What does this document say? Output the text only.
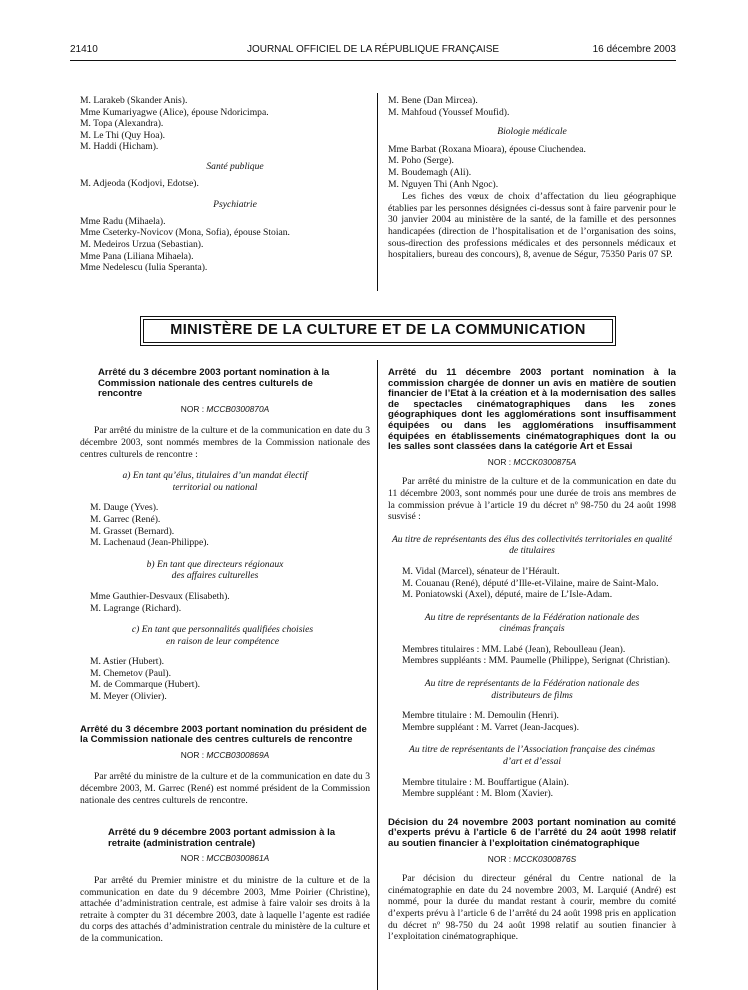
21410	JOURNAL OFFICIEL DE LA RÉPUBLIQUE FRANÇAISE	16 décembre 2003
M. Larakeb (Skander Anis).
Mme Kumariyagwe (Alice), épouse Ndoricimpa.
M. Topa (Alexandra).
M. Le Thi (Quy Hoa).
M. Haddi (Hicham).
Santé publique
M. Adjeoda (Kodjovi, Edotse).
Psychiatrie
Mme Radu (Mihaela).
Mme Cseterky-Novicov (Mona, Sofia), épouse Stoian.
M. Medeiros Urzua (Sebastian).
Mme Pana (Liliana Mihaela).
Mme Nedelescu (Iulia Speranta).
M. Bene (Dan Mircea).
M. Mahfoud (Youssef Moufid).
Biologie médicale
Mme Barbat (Roxana Mioara), épouse Ciuchendea.
M. Poho (Serge).
M. Boudemagh (Ali).
M. Nguyen Thi (Anh Ngoc).
Les fiches des vœux de choix d’affectation du lieu géographique établies par les personnes désignées ci-dessus sont à faire parvenir pour le 30 janvier 2004 au ministère de la santé, de la famille et des personnes handicapées (direction de l’hospitalisation et de l’organisation des soins, sous-direction des professions médicales et des personnels médicaux et hospitaliers, bureau des concours), 8, avenue de Ségur, 75350 Paris 07 SP.
MINISTÈRE DE LA CULTURE ET DE LA COMMUNICATION
Arrêté du 3 décembre 2003 portant nomination à la Commission nationale des centres culturels de rencontre
NOR : MCCB0300870A
Par arrêté du ministre de la culture et de la communication en date du 3 décembre 2003, sont nommés membres de la Commission nationale des centres culturels de rencontre :
a) En tant qu’élus, titulaires d’un mandat électif territorial ou national
M. Dauge (Yves).
M. Garrec (René).
M. Grasset (Bernard).
M. Lachenaud (Jean-Philippe).
b) En tant que directeurs régionaux des affaires culturelles
Mme Gauthier-Desvaux (Elisabeth).
M. Lagrange (Richard).
c) En tant que personnalités qualifiées choisies en raison de leur compétence
M. Astier (Hubert).
M. Chemetov (Paul).
M. de Commarque (Hubert).
M. Meyer (Olivier).
Arrêté du 3 décembre 2003 portant nomination du président de la Commission nationale des centres culturels de rencontre
NOR : MCCB0300869A
Par arrêté du ministre de la culture et de la communication en date du 3 décembre 2003, M. Garrec (René) est nommé président de la Commission nationale des centres culturels de rencontre.
Arrêté du 9 décembre 2003 portant admission à la retraite (administration centrale)
NOR : MCCB0300861A
Par arrêté du Premier ministre et du ministre de la culture et de la communication en date du 9 décembre 2003, Mme Poirier (Christine), attachée d’administration centrale, est admise à faire valoir ses droits à la retraite à compter du 31 décembre 2003, date à laquelle l’agente est radiée du corps des attachés d’administration centrale du ministère de la culture et de la communication.
Arrêté du 11 décembre 2003 portant nomination à la commission chargée de donner un avis en matière de soutien financier de l’Etat à la création et à la modernisation des salles de spectacles cinématographiques dans les zones géographiques dont les agglomérations sont insuffisamment équipées ou dans les agglomérations insuffisamment équipées en établissements cinématographiques dont la ou les salles sont classées dans la catégorie Art et Essai
NOR : MCCK0300875A
Par arrêté du ministre de la culture et de la communication en date du 11 décembre 2003, sont nommés pour une durée de trois ans membres de la commission prévue à l’article 19 du décret nº 98-750 du 24 août 1998 susvisé :
Au titre de représentants des élus des collectivités territoriales en qualité de titulaires
M. Vidal (Marcel), sénateur de l’Hérault.
M. Couanau (René), député d’Ille-et-Vilaine, maire de Saint-Malo.
M. Poniatowski (Axel), député, maire de L’Isle-Adam.
Au titre de représentants de la Fédération nationale des cinémas français
Membres titulaires : MM. Labé (Jean), Reboulleau (Jean).
Membres suppléants : MM. Paumelle (Philippe), Serignat (Christian).
Au titre de représentants de la Fédération nationale des distributeurs de films
Membre titulaire : M. Demoulin (Henri).
Membre suppléant : M. Varret (Jean-Jacques).
Au titre de représentants de l’Association française des cinémas d’art et d’essai
Membre titulaire : M. Bouffartigue (Alain).
Membre suppléant : M. Blom (Xavier).
Décision du 24 novembre 2003 portant nomination au comité d’experts prévu à l’article 6 de l’arrêté du 24 août 1998 relatif au soutien financier à l’exploitation cinématographique
NOR : MCCK0300876S
Par décision du directeur général du Centre national de la cinématographie en date du 24 novembre 2003, M. Larquié (André) est nommé, pour la durée du mandat restant à courir, membre du comité d’experts prévu à l’article 6 de l’arrêté du 24 août 1998 pris en application du décret nº 98-750 du 24 août 1998 relatif au soutien financier à l’exploitation cinématographique.
